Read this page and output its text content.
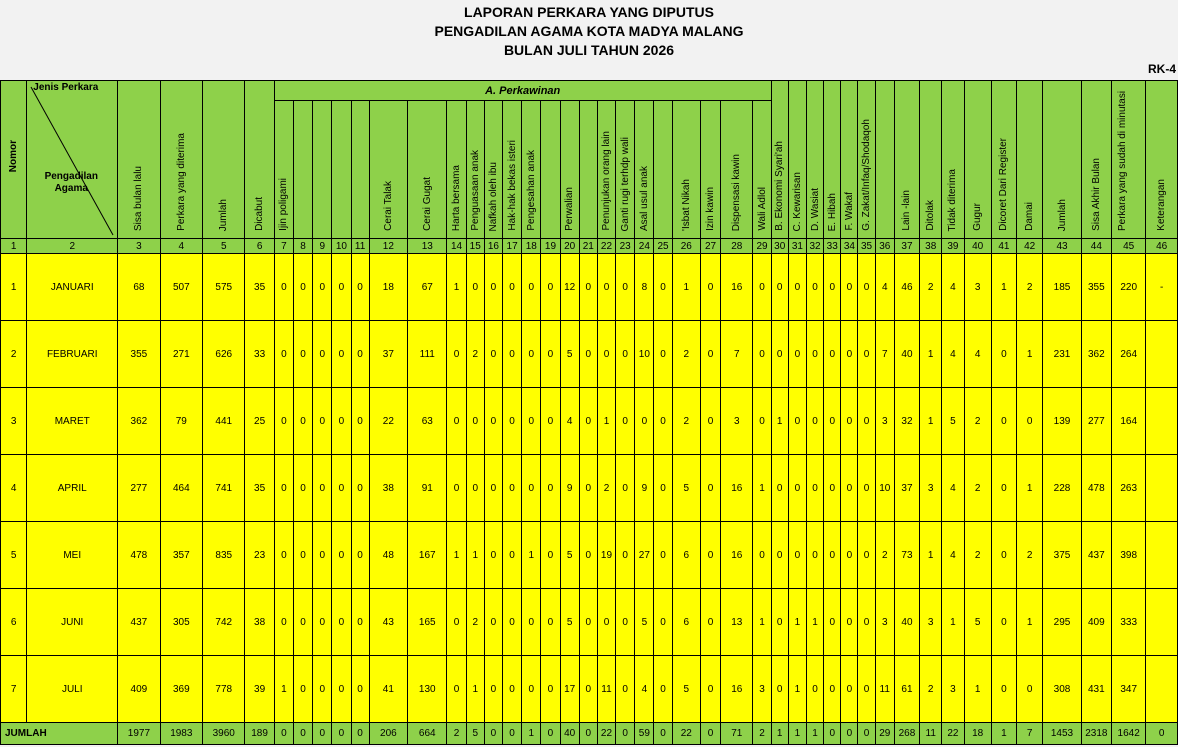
LAPORAN PERKARA YANG DIPUTUS
PENGADILAN AGAMA KOTA MADYA MALANG
BULAN JULI TAHUN 2026
RK-4
Nomor	Jenis Perkara
Pengadilan Agama	Sisa bulan lalu	Perkara yang diterima	Jumlah	Dicabut	A. Perkawinan																							B. Ekonomi Syari'ah	C. Kewarisan	D. Wasiat	E. Hibah	F. Wakaf	G. Zakat/Infaq/Shodaqoh		Lain -lain	Ditolak	Tidak diterima	Gugur	Dicoret Dari Register	Damai	Jumlah	Sisa Akhir Bulan	Perkara yang sudah di minutasi	Keterangan
						Ijin poligami					Cerai Talak	Cerai Gugat	Harta bersama	Penguasaan anak	Nafkah oleh ibu	Hak-hak bekas isteri	Pengesahan anak		Perwalian		Penunjukan orang lain	Ganti rugi terhdp wali	Asal usul anak		'Isbat Nikah	Izin kawin	Dispensasi kawin	Wali Adlol																	
1	2	3	4	5	6	7	8	9	10	11	12	13	14	15	16	17	18	19	20	21	22	23	24	25	26	27	28	29	30	31	32	33	34	35	36	37	38	39	40	41	42	43	44	45	46
1	JANUARI	68	507	575	35	0	0	0	0	0	18	67	1	0	0	0	0	0	12	0	0	0	8	0	1	0	16	0	0	0	0	0	0	0	4	46	2	4	3	1	2	185	355	220	-
2	FEBRUARI	355	271	626	33	0	0	0	0	0	37	111	0	2	0	0	0	0	5	0	0	0	10	0	2	0	7	0	0	0	0	0	0	0	7	40	1	4	4	0	1	231	362	264	
3	MARET	362	79	441	25	0	0	0	0	0	22	63	0	0	0	0	0	0	4	0	1	0	0	0	2	0	3	0	1	0	0	0	0	0	3	32	1	5	2	0	0	139	277	164	
4	APRIL	277	464	741	35	0	0	0	0	0	38	91	0	0	0	0	0	0	9	0	2	0	9	0	5	0	16	1	0	0	0	0	0	0	10	37	3	4	2	0	1	228	478	263	
5	MEI	478	357	835	23	0	0	0	0	0	48	167	1	1	0	0	1	0	5	0	19	0	27	0	6	0	16	0	0	0	0	0	0	0	2	73	1	4	2	0	2	375	437	398	
6	JUNI	437	305	742	38	0	0	0	0	0	43	165	0	2	0	0	0	0	5	0	0	0	5	0	6	0	13	1	0	1	1	0	0	0	3	40	3	1	5	0	1	295	409	333	
7	JULI	409	369	778	39	1	0	0	0	0	41	130	0	1	0	0	0	0	17	0	11	0	4	0	5	0	16	3	0	1	0	0	0	0	11	61	2	3	1	0	0	308	431	347	
JUMLAH		1977	1983	3960	189	0	0	0	0	0	206	664	2	5	0	0	1	0	40	0	22	0	59	0	22	0	71	2	1	1	1	0	0	0	29	268	11	22	18	1	7	1453	2318	1642	0
